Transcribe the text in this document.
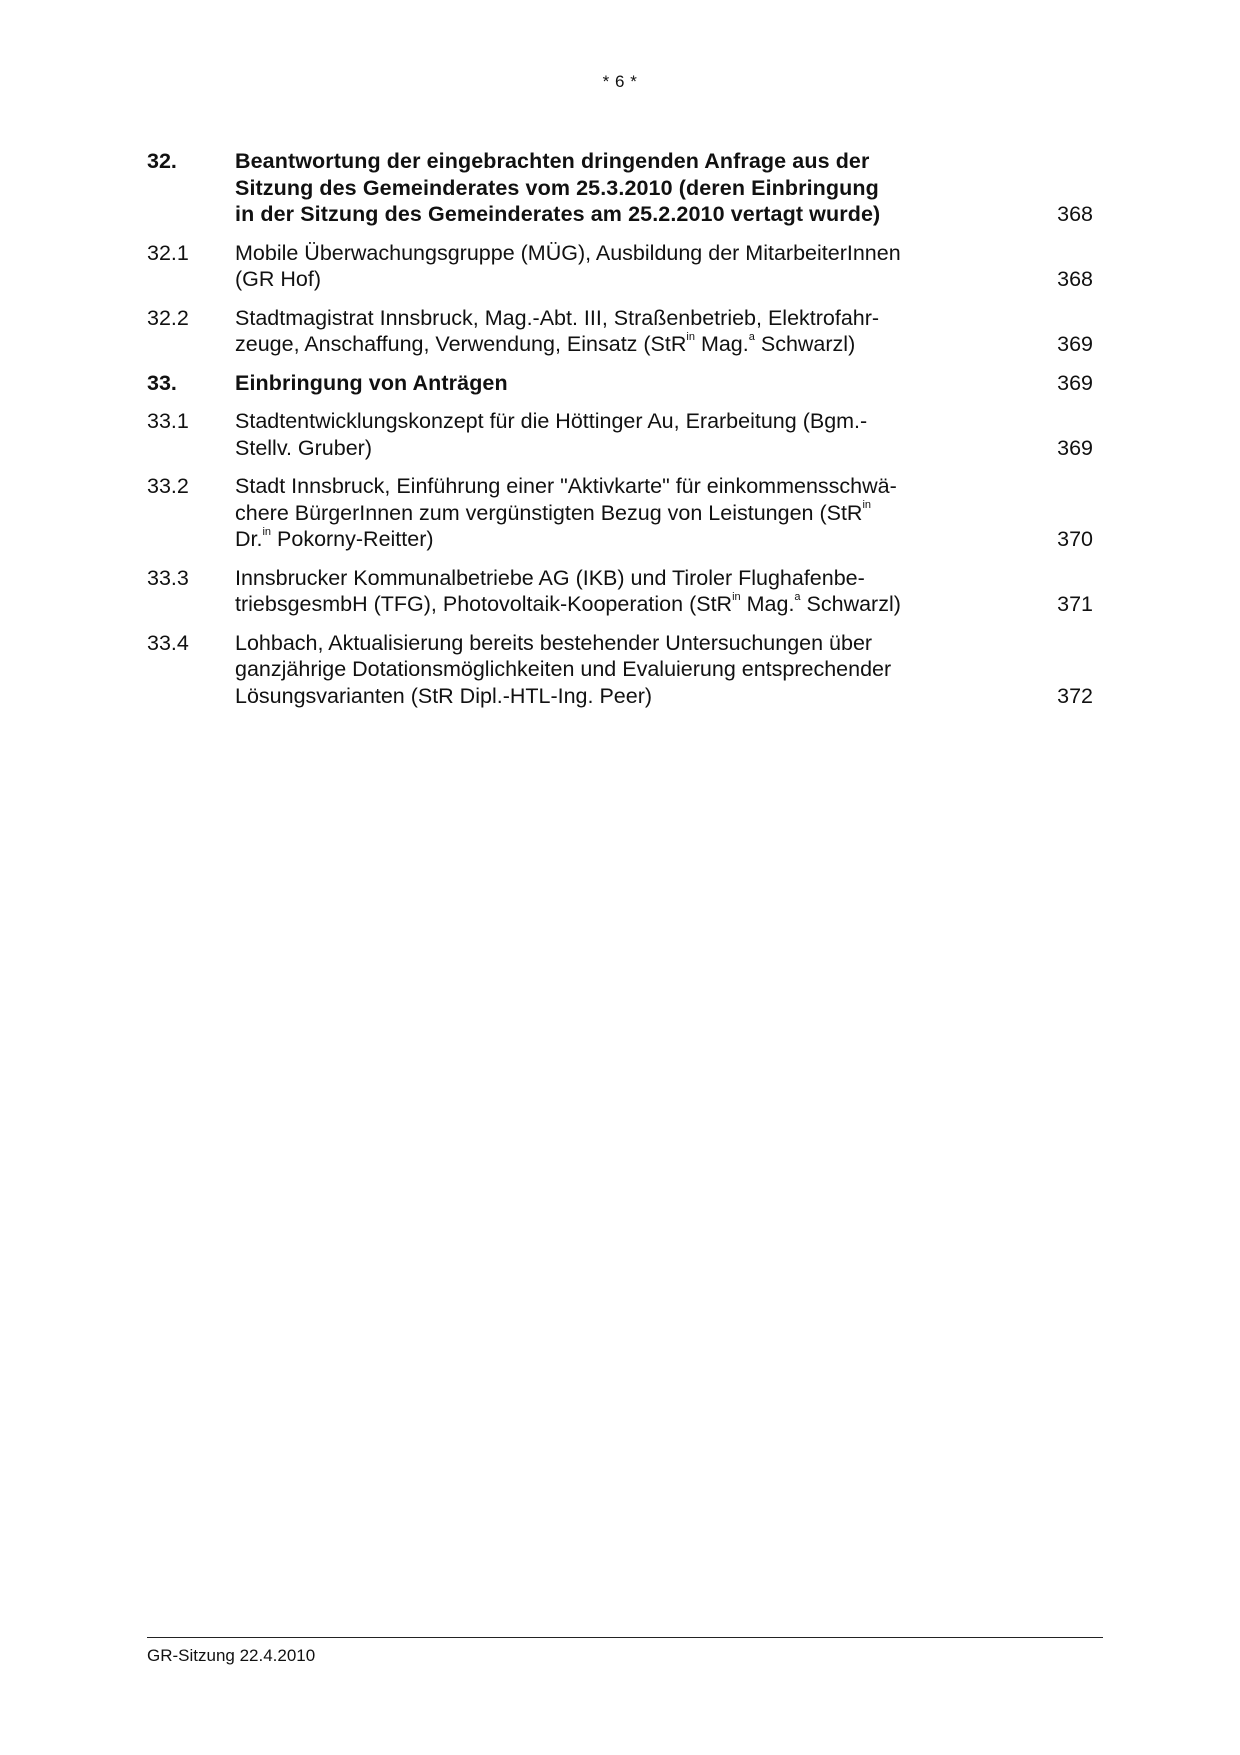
* 6 *
32.	Beantwortung der eingebrachten dringenden Anfrage aus der
Sitzung des Gemeinderates vom 25.3.2010 (deren Einbringung
in der Sitzung des Gemeinderates am 25.2.2010 vertagt wurde)	368
32.1	Mobile Überwachungsgruppe (MÜG), Ausbildung der MitarbeiterInnen
(GR Hof)	368
32.2	Stadtmagistrat Innsbruck, Mag.-Abt. III, Straßenbetrieb, Elektrofahr-
zeuge, Anschaffung, Verwendung, Einsatz (StR$^{in}$ Mag.$^a$ Schwarzl)	369
33.	Einbringung von Anträgen	369
33.1	Stadtentwicklungskonzept für die Höttinger Au, Erarbeitung (Bgm.-
Stellv. Gruber)	369
33.2	Stadt Innsbruck, Einführung einer "Aktivkarte" für einkommensschwä-
chere BürgerInnen zum vergünstigten Bezug von Leistungen (StR$^{in}$
Dr.$^{in}$ Pokorny-Reitter)	370
33.3	Innsbrucker Kommunalbetriebe AG (IKB) und Tiroler Flughafenbe-
triebsgesmbH (TFG), Photovoltaik-Kooperation (StR$^{in}$ Mag.$^a$ Schwarzl)	371
33.4	Lohbach, Aktualisierung bereits bestehender Untersuchungen über
ganzjährige Dotationsmöglichkeiten und Evaluierung entsprechender
Lösungsvarianten (StR Dipl.-HTL-Ing. Peer)	372
GR-Sitzung 22.4.2010
